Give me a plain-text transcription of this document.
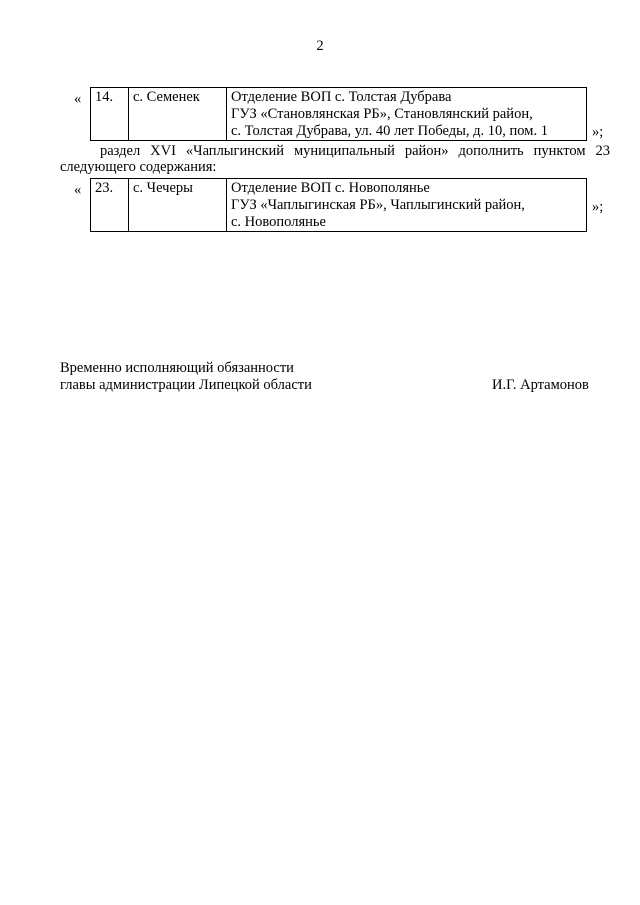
2
« 14.	с. Семенек	Отделение ВОП с. Толстая Дубрава
ГУЗ «Становлянская РБ», Становлянский район,
с. Толстая Дубрава, ул. 40 лет Победы, д. 10, пом. 1	»;
раздел XVI «Чаплыгинский муниципальный район» дополнить пунктом 23
следующего содержания:
« 23.	с. Чечеры	Отделение ВОП с. Новополянье
ГУЗ «Чаплыгинская РБ», Чаплыгинский район,
с. Новополянье
»;
Временно исполняющий обязанности
главы администрации Липецкой области	И.Г. Артамонов
